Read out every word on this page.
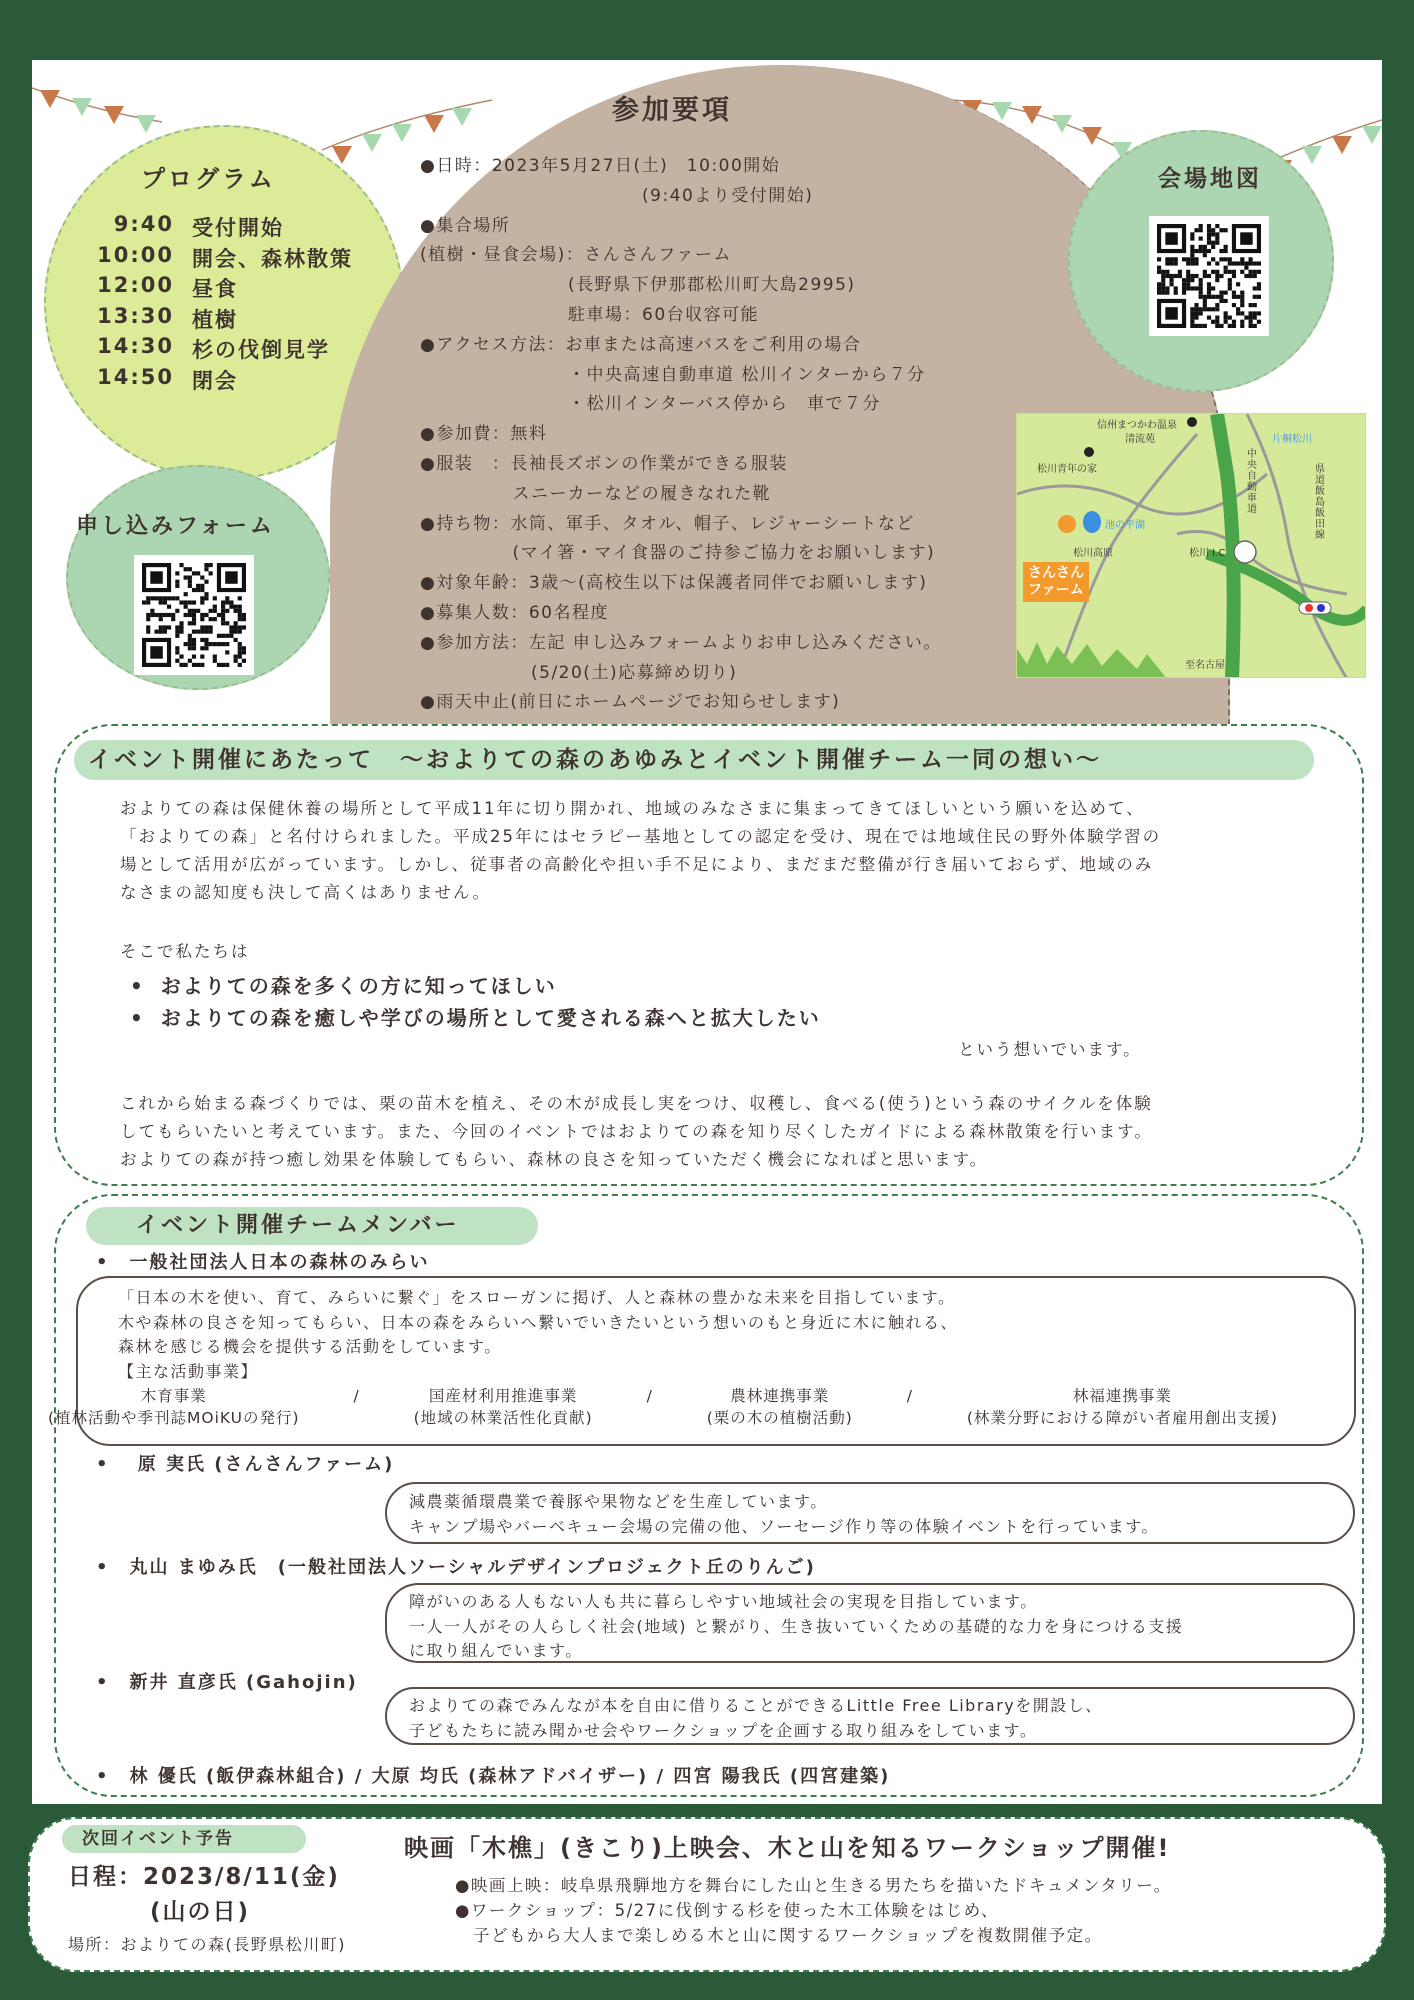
プログラム
9:40 受付開始
10:00 開会、森林散策
12:00 昼食
13:30 植樹
14:30 杉の伐倒見学
14:50 閉会
申し込みフォーム
参加要項
●日時：2023年5月27日(土)　10:00開始
　　　　　　　　　　　　(9:40より受付開始)
●集合場所
(植樹・昼食会場)：さんさんファーム
　　　　　　　　(長野県下伊那郡松川町大島2995)
　　　　　　　　駐車場：60台収容可能
●アクセス方法：お車または高速バスをご利用の場合
　　　　　　　　・中央高速自動車道 松川インターから７分
　　　　　　　　・松川インターバス停から　車で７分
●参加費：無料
●服装　：長袖長ズボンの作業ができる服装
　　　　　スニーカーなどの履きなれた靴
●持ち物：水筒、軍手、タオル、帽子、レジャーシートなど
　　　　　(マイ箸・マイ食器のご持参ご協力をお願いします)
●対象年齢：3歳～(高校生以下は保護者同伴でお願いします)
●募集人数：60名程度
●参加方法：左記 申し込みフォームよりお申し込みください。
　　　　　　(5/20(土)応募締め切り)
●雨天中止(前日にホームページでお知らせします)
会場地図
信州まつかわ温泉
清流苑
松川青年の家
片桐松川
中央自動車道
県道飯島飯田線
池の平湖
松川高原	松川 I.C
さんさん
ファーム
至名古屋
イベント開催にあたって　～およりての森のあゆみとイベント開催チーム一同の想い～
およりての森は保健休養の場所として平成11年に切り開かれ、地域のみなさまに集まってきてほしいという願いを込めて、
「およりての森」と名付けられました。平成25年にはセラピー基地としての認定を受け、現在では地域住民の野外体験学習の
場として活用が広がっています。しかし、従事者の高齢化や担い手不足により、まだまだ整備が行き届いておらず、地域のみ
なさまの認知度も決して高くはありません。
そこで私たちは
• およりての森を多くの方に知ってほしい
• およりての森を癒しや学びの場所として愛される森へと拡大したい
という想いでいます。
これから始まる森づくりでは、栗の苗木を植え、その木が成長し実をつけ、収穫し、食べる(使う)という森のサイクルを体験
してもらいたいと考えています。また、今回のイベントではおよりての森を知り尽くしたガイドによる森林散策を行います。
およりての森が持つ癒し効果を体験してもらい、森林の良さを知っていただく機会になればと思います。
イベント開催チームメンバー
•　一般社団法人日本の森林のみらい
「日本の木を使い、育て、みらいに繋ぐ」をスローガンに掲げ、人と森林の豊かな未来を目指しています。
木や森林の良さを知ってもらい、日本の森をみらいへ繋いでいきたいという想いのもと身近に木に触れる、
森林を感じる機会を提供する活動をしています。
【主な活動事業】
木育事業
(植林活動や季刊誌MOiKUの発行)
/	国産材利用推進事業
(地域の林業活性化貢献)
/	農林連携事業
(栗の木の植樹活動)
/	林福連携事業
(林業分野における障がい者雇用創出支援)
•　 原 実氏 (さんさんファーム)
減農薬循環農業で養豚や果物などを生産しています。
キャンプ場やバーベキュー会場の完備の他、ソーセージ作り等の体験イベントを行っています。
•　丸山 まゆみ氏　(一般社団法人ソーシャルデザインプロジェクト丘のりんご)
障がいのある人もない人も共に暮らしやすい地域社会の実現を目指しています。
一人一人がその人らしく社会(地域) と繋がり、生き抜いていくための基礎的な力を身につける支援
に取り組んでいます。
•　新井 直彦氏 (Gahojin)
およりての森でみんなが本を自由に借りることができるLittle Free Libraryを開設し、
子どもたちに読み聞かせ会やワークショップを企画する取り組みをしています。
•　林 優氏 (飯伊森林組合) / 大原 均氏 (森林アドバイザー) / 四宮 陽我氏 (四宮建築)
次回イベント予告
日程：2023/8/11(金)
(山の日)
場所：およりての森(長野県松川町)
映画「木樵」(きこり)上映会、木と山を知るワークショップ開催!
●映画上映：岐阜県飛騨地方を舞台にした山と生きる男たちを描いたドキュメンタリー。
●ワークショップ：5/27に伐倒する杉を使った木工体験をはじめ、
　子どもから大人まで楽しめる木と山に関するワークショップを複数開催予定。
